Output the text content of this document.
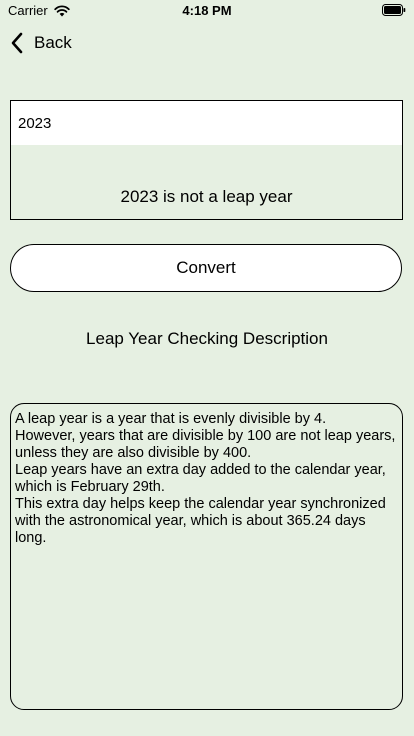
Carrier	4:18 PM
Back
2023
2023 is not a leap year
Convert
Leap Year Checking Description
A leap year is a year that is evenly divisible by 4.
However, years that are divisible by 100 are not leap years, unless they are also divisible by 400.
Leap years have an extra day added to the calendar year, which is February 29th.
This extra day helps keep the calendar year synchronized with the astronomical year, which is about 365.24 days long.
